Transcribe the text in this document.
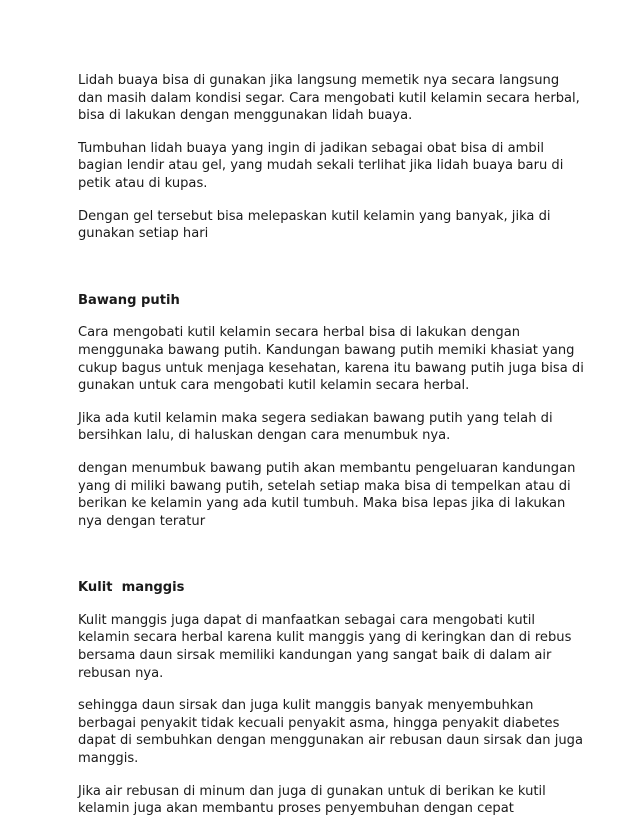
Lidah buaya bisa di gunakan jika langsung memetik nya secara langsung
dan masih dalam kondisi segar. Cara mengobati kutil kelamin secara herbal,
bisa di lakukan dengan menggunakan lidah buaya.

Tumbuhan lidah buaya yang ingin di jadikan sebagai obat bisa di ambil
bagian lendir atau gel, yang mudah sekali terlihat jika lidah buaya baru di
petik atau di kupas.

Dengan gel tersebut bisa melepaskan kutil kelamin yang banyak, jika di
gunakan setiap hari

Bawang putih

Cara mengobati kutil kelamin secara herbal bisa di lakukan dengan
menggunaka bawang putih. Kandungan bawang putih memiki khasiat yang
cukup bagus untuk menjaga kesehatan, karena itu bawang putih juga bisa di
gunakan untuk cara mengobati kutil kelamin secara herbal.

Jika ada kutil kelamin maka segera sediakan bawang putih yang telah di
bersihkan lalu, di haluskan dengan cara menumbuk nya.

dengan menumbuk bawang putih akan membantu pengeluaran kandungan
yang di miliki bawang putih, setelah setiap maka bisa di tempelkan atau di
berikan ke kelamin yang ada kutil tumbuh. Maka bisa lepas jika di lakukan
nya dengan teratur

Kulit  manggis

Kulit manggis juga dapat di manfaatkan sebagai cara mengobati kutil
kelamin secara herbal karena kulit manggis yang di keringkan dan di rebus
bersama daun sirsak memiliki kandungan yang sangat baik di dalam air
rebusan nya.

sehingga daun sirsak dan juga kulit manggis banyak menyembuhkan
berbagai penyakit tidak kecuali penyakit asma, hingga penyakit diabetes
dapat di sembuhkan dengan menggunakan air rebusan daun sirsak dan juga
manggis.

Jika air rebusan di minum dan juga di gunakan untuk di berikan ke kutil
kelamin juga akan membantu proses penyembuhan dengan cepat
